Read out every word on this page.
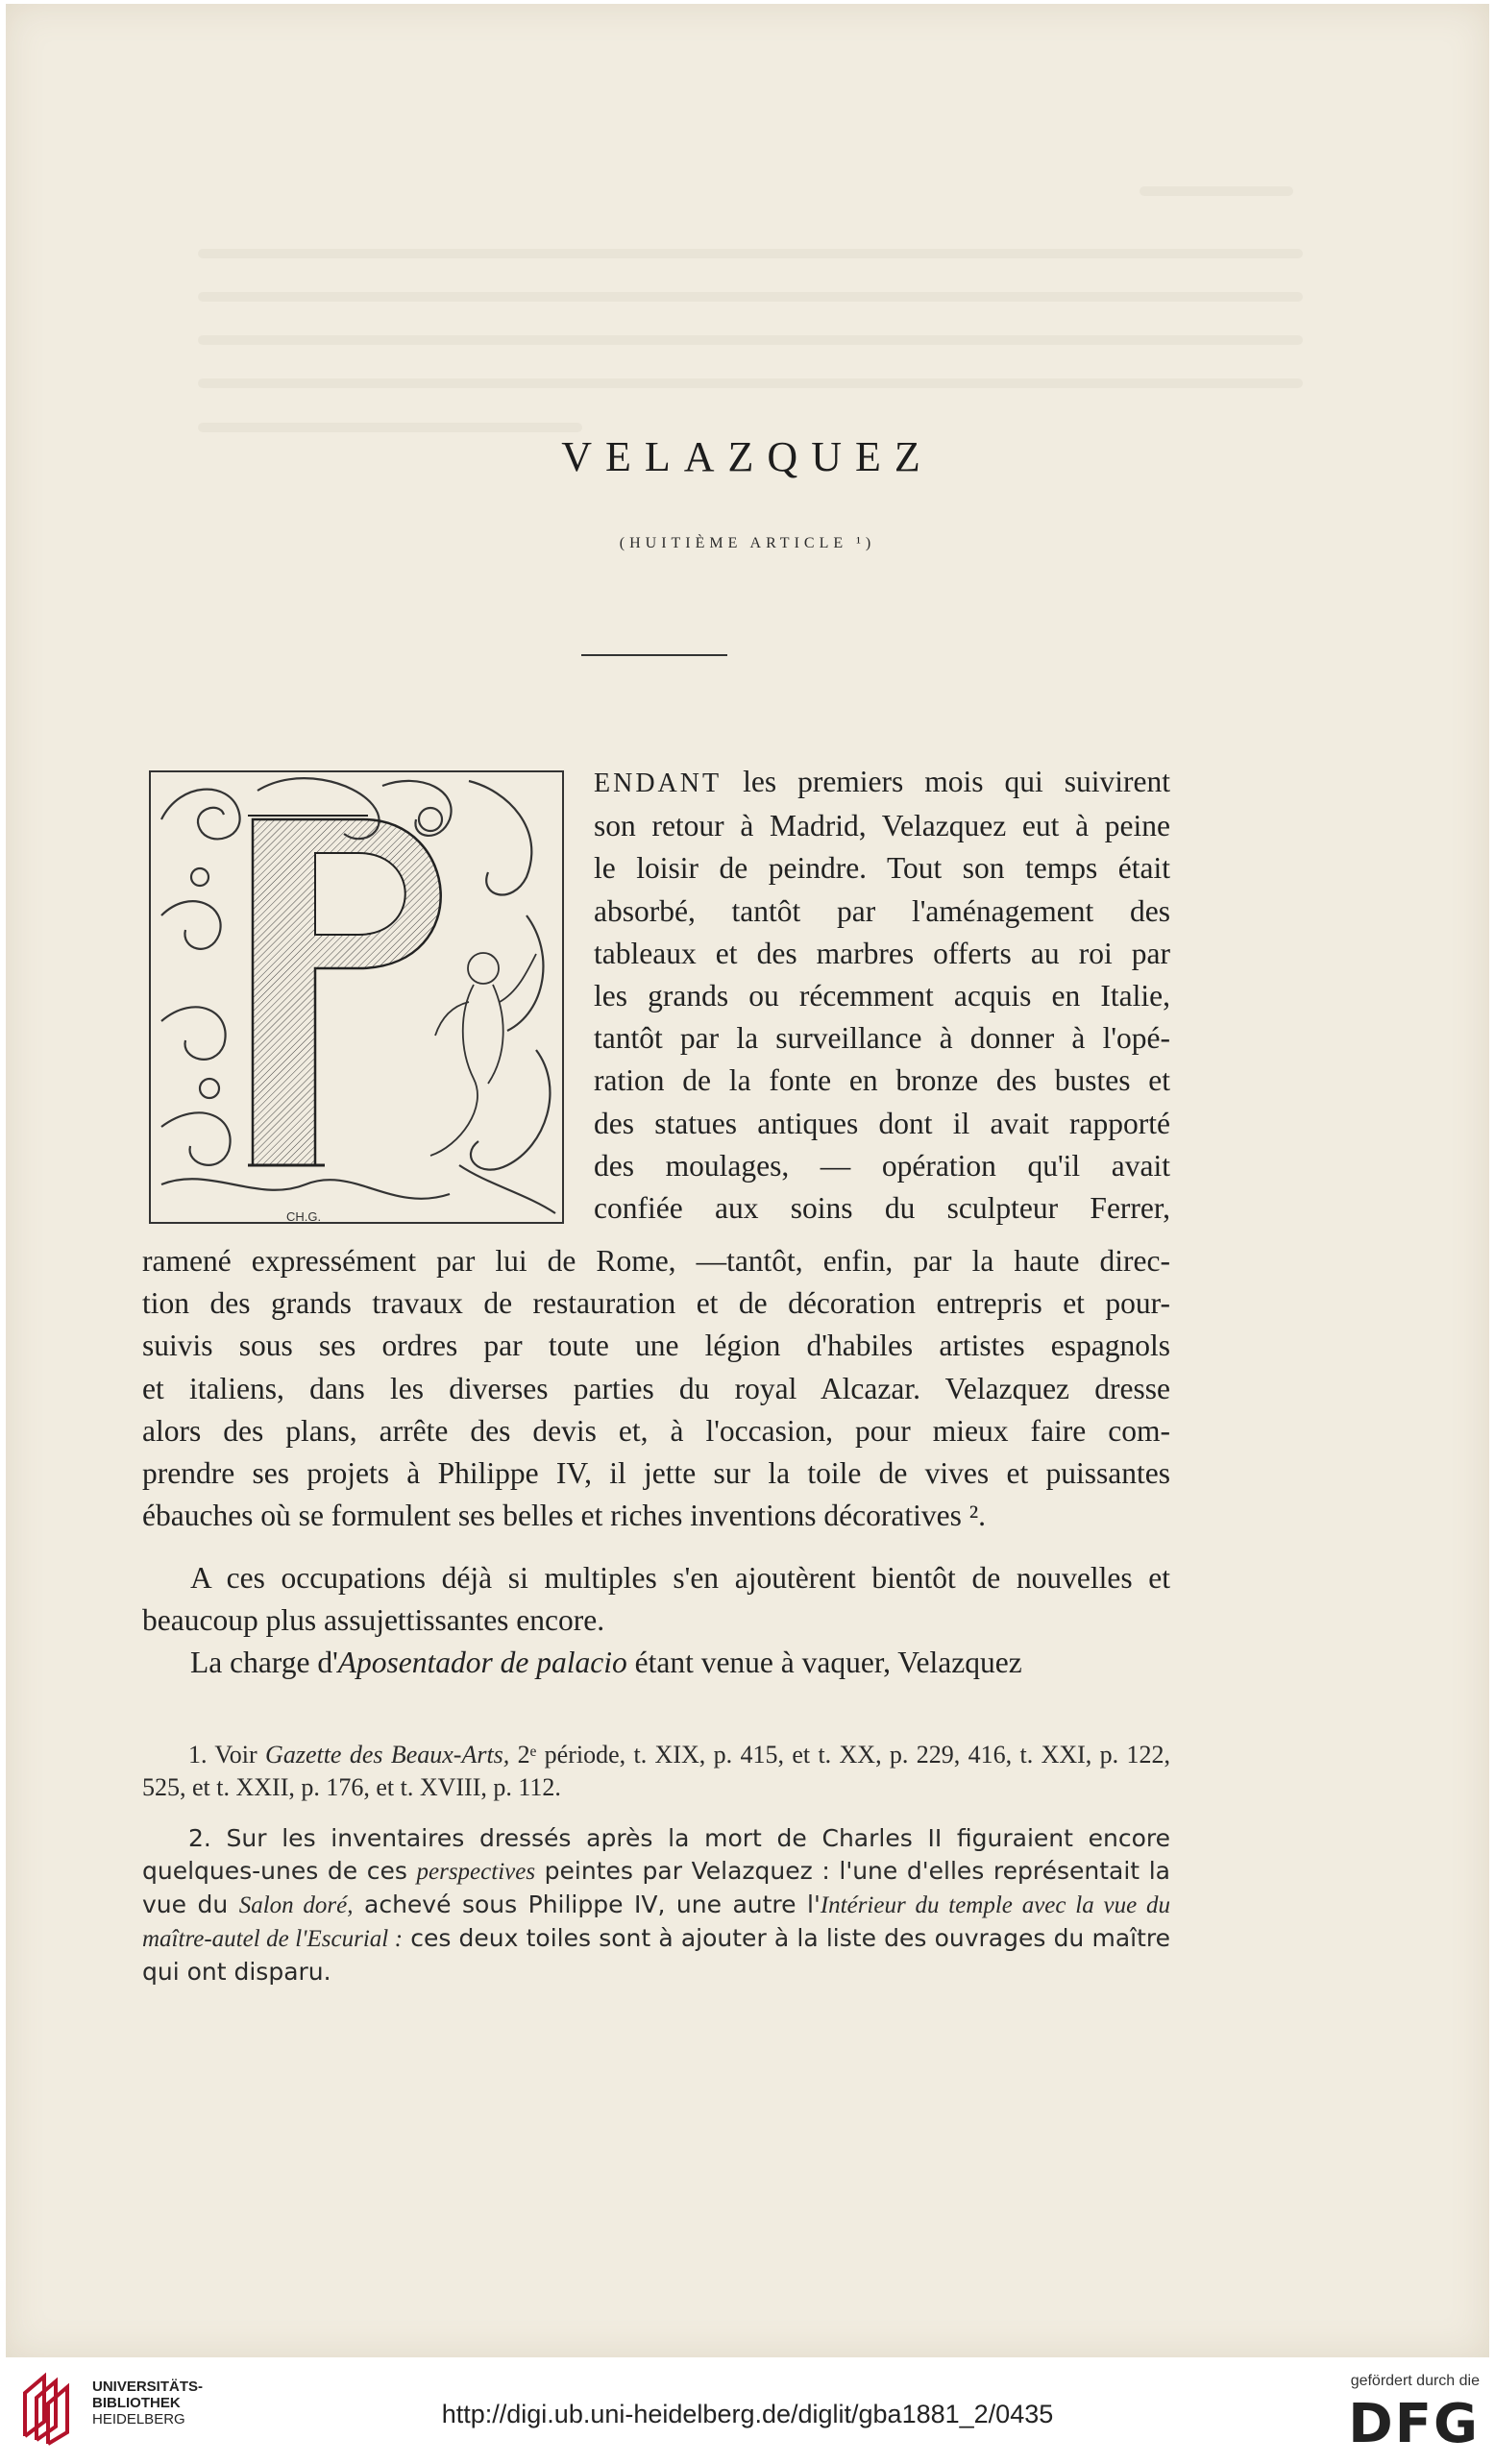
VELAZQUEZ
(HUITIÈME ARTICLE ¹)
CH.G.
ENDANT les premiers mois qui suivirent
son retour à Madrid, Velazquez eut à peine
le loisir de peindre. Tout son temps était
absorbé, tantôt par l'aménagement des
tableaux et des marbres offerts au roi par
les grands ou récemment acquis en Italie,
tantôt par la surveillance à donner à l'opé-
ration de la fonte en bronze des bustes et
des statues antiques dont il avait rapporté
des moulages, — opération qu'il avait
confiée aux soins du sculpteur Ferrer,
ramené expressément par lui de Rome, —tantôt, enfin, par la haute direc-
tion des grands travaux de restauration et de décoration entrepris et pour-
suivis sous ses ordres par toute une légion d'habiles artistes espagnols
et italiens, dans les diverses parties du royal Alcazar. Velazquez dresse
alors des plans, arrête des devis et, à l'occasion, pour mieux faire com-
prendre ses projets à Philippe IV, il jette sur la toile de vives et puissantes
ébauches où se formulent ses belles et riches inventions décoratives ².
A ces occupations déjà si multiples s'en ajoutèrent bientôt de nouvelles et beaucoup plus assujettissantes encore.
La charge d'Aposentador de palacio étant venue à vaquer, Velazquez
1. Voir Gazette des Beaux-Arts, 2ᵉ période, t. XIX, p. 415, et t. XX, p. 229, 416, t. XXI, p. 122, 525, et t. XXII, p. 176, et t. XVIII, p. 112.
2. Sur les inventaires dressés après la mort de Charles II figuraient encore quelques-unes de ces perspectives peintes par Velazquez : l'une d'elles représentait la vue du Salon doré, achevé sous Philippe IV, une autre l'Intérieur du temple avec la vue du maître-autel de l'Escurial : ces deux toiles sont à ajouter à la liste des ouvrages du maître qui ont disparu.
UNIVERSITÄTS-
BIBLIOTHEK
HEIDELBERG	http://digi.ub.uni-heidelberg.de/diglit/gba1881_2/0435
gefördert durch die
DFG
